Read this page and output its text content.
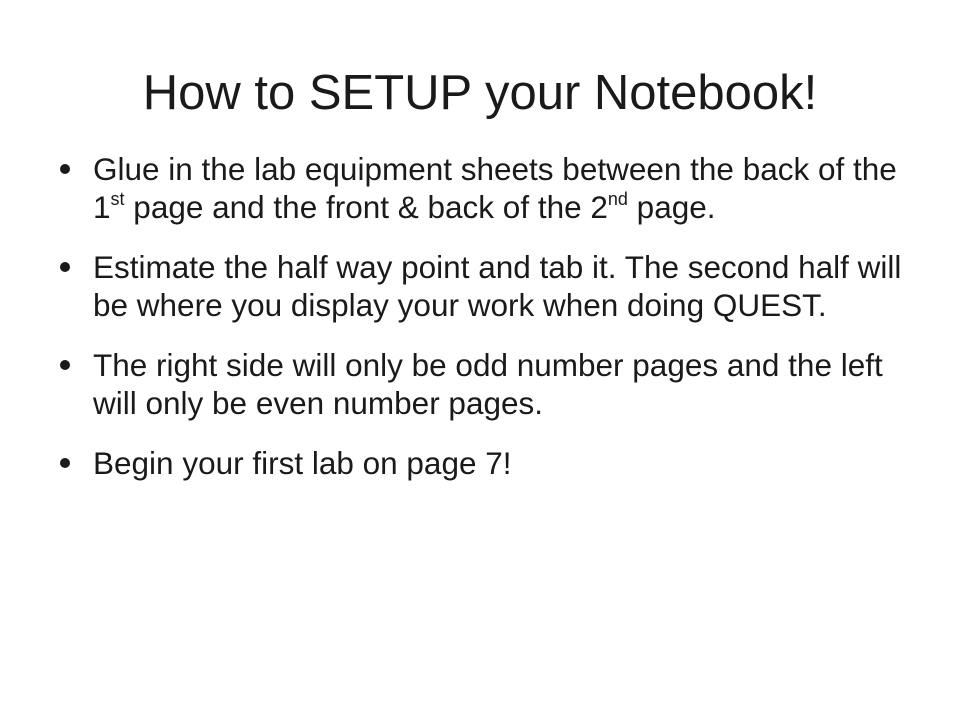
How to SETUP your Notebook!
Glue in the lab equipment sheets between the back of the 1st page and the front & back of the 2nd page.
Estimate the half way point and tab it. The second half will be where you display your work when doing QUEST.
The right side will only be odd number pages and the left will only be even number pages.
Begin your first lab on page 7!
